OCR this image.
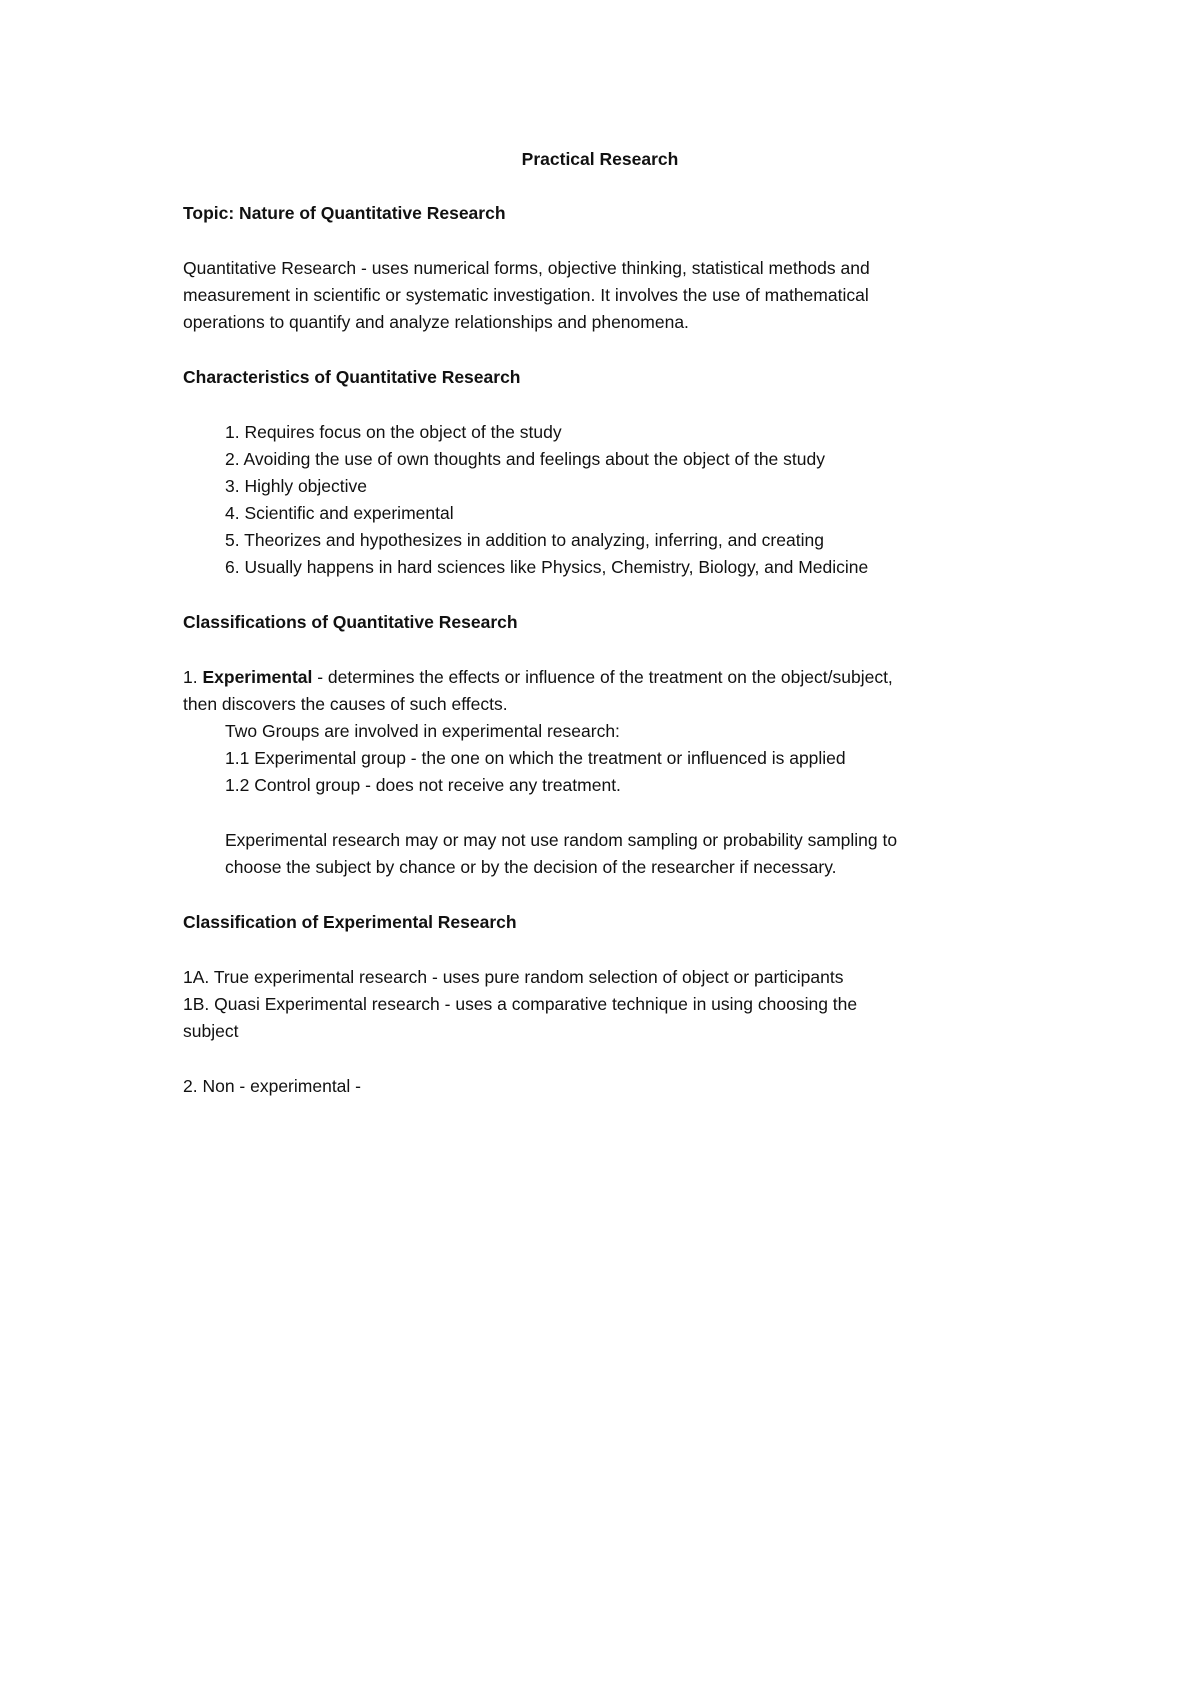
Practical Research

Topic: Nature of Quantitative Research

Quantitative Research - uses numerical forms, objective thinking, statistical methods and

measurement in scientific or systematic investigation. It involves the use of mathematical

operations to quantify and analyze relationships and phenomena.

Characteristics of Quantitative Research

1. Requires focus on the object of the study

2. Avoiding the use of own thoughts and feelings about the object of the study

3. Highly objective

4. Scientific and experimental

5. Theorizes and hypothesizes in addition to analyzing, inferring, and creating

6. Usually happens in hard sciences like Physics, Chemistry, Biology, and Medicine

Classifications of Quantitative Research

1. Experimental - determines the effects or influence of the treatment on the object/subject,

then discovers the causes of such effects.

Two Groups are involved in experimental research:

1.1 Experimental group - the one on which the treatment or influenced is applied

1.2 Control group - does not receive any treatment.

Experimental research may or may not use random sampling or probability sampling to

choose the subject by chance or by the decision of the researcher if necessary.

Classification of Experimental Research

1A. True experimental research - uses pure random selection of object or participants

1B. Quasi Experimental research - uses a comparative technique in using choosing the

subject

2. Non - experimental -
